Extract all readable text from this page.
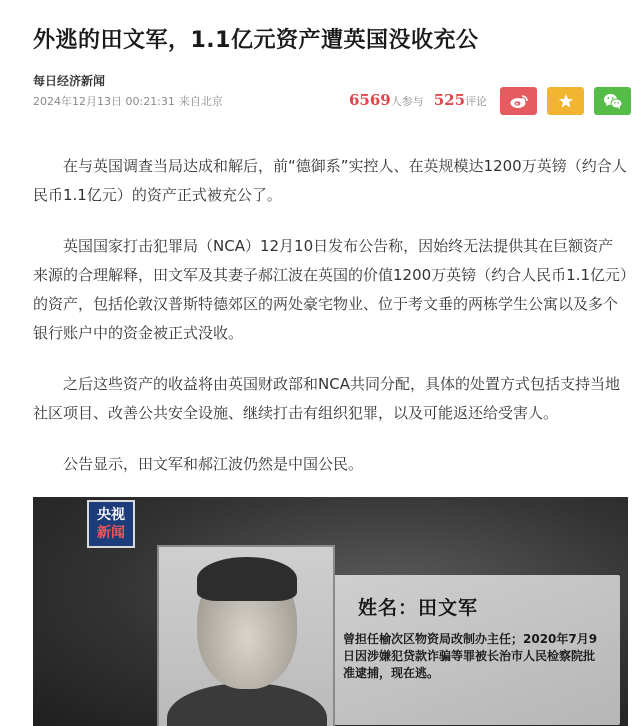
外逃的田文军，1.1亿元资产遭英国没收充公
每日经济新闻
2024年12月13日 00:21:31 来自北京	6569人参与 525评论

在与英国调查当局达成和解后，前“德御系”实控人、在英规模达1200万英镑（约合人民币1.1亿元）的资产正式被充公了。

英国国家打击犯罪局（NCA）12月10日发布公告称，因始终无法提供其在巨额资产来源的合理解释，田文军及其妻子郝江波在英国的价值1200万英镑（约合人民币1.1亿元）的资产，包括伦敦汉普斯特德郊区的两处豪宅物业、位于考文垂的两栋学生公寓以及多个银行账户中的资金被正式没收。

之后这些资产的收益将由英国财政部和NCA共同分配，具体的处置方式包括支持当地社区项目、改善公共安全设施、继续打击有组织犯罪，以及可能返还给受害人。

公告显示，田文军和郝江波仍然是中国公民。

姓名：田文军
曾担任榆次区物资局改制办主任；2020年7月9日因涉嫌犯贷款诈骗等罪被长治市人民检察院批准逮捕，现在逃。
央视
新闻
